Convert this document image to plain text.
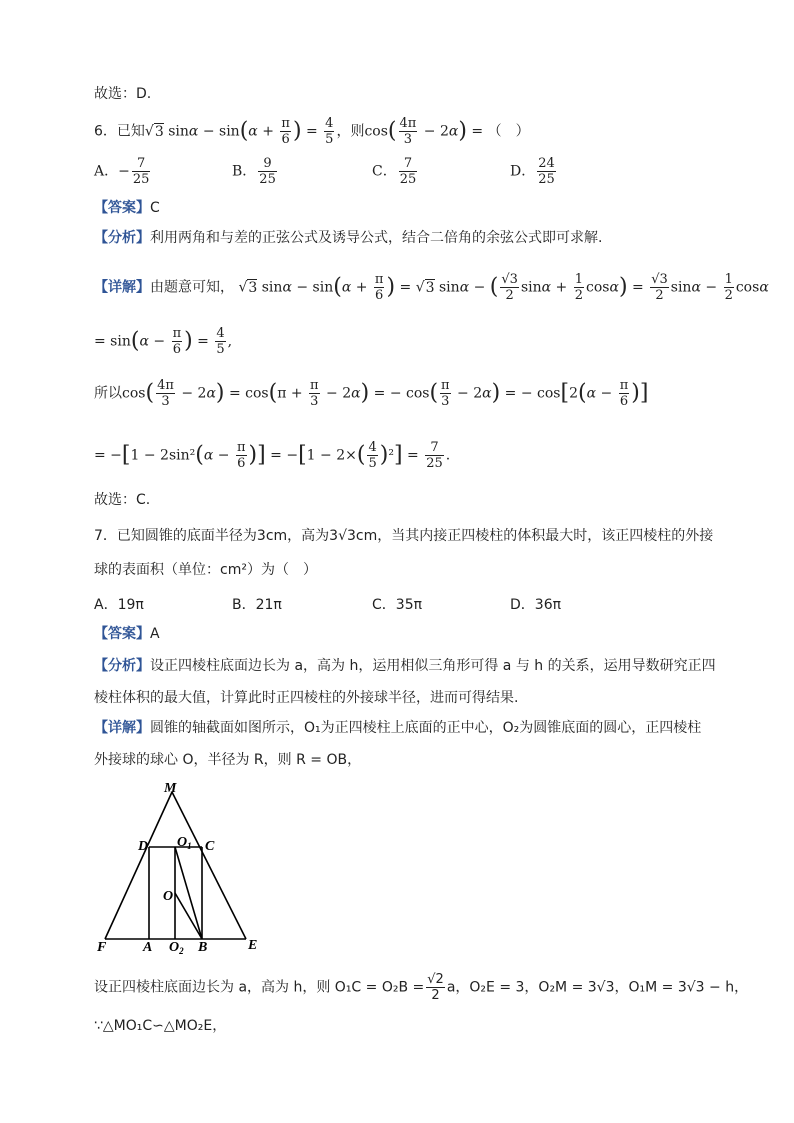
故选：D.
6．已知√3 $\sin\alpha - \sin(\alpha + \frac{\pi}{6}$ ) = $\frac{4}{5}$ ，则$\cos( \frac{4\pi}{3} - 2\alpha)$ = （　）
A．− $\frac{7}{25}$	B． $\frac{9}{25}$	C． $\frac{7}{25}$	D． $\frac{24}{25}$
【答案】C
【分析】利用两角和与差的正弦公式及诱导公式，结合二倍角的余弦公式即可求解.
【详解】由题意可知， √3 $\sin\alpha - \sin(\alpha + \frac{\pi}{6}$ ) = √3 sinα − ( $\frac{√3}{2}$ $\sin\alpha + \frac{1}{2} \cos\alpha) = \frac{√3}{2}$ $\sin\alpha - \frac{1}{2}$ cosα
= $\sin(\alpha - \frac{\pi}{6}$ ) = $\frac{4}{5}$ ,
所以$\cos( \frac{4\pi}{3} - 2\alpha) = \cos(\pi + \frac{\pi}{3} - 2\alpha)$ = − $\cos( \frac{\pi}{3} - 2\alpha)$ = − $\cos[2(\alpha - \frac{\pi}{6}$ )]
= $-[1 - 2\sin^2(\alpha - \frac{\pi}{6}$ )] = $-[1 - 2\times( \frac{4}{5} )^2] = \frac{7}{25}$ .
故选：C.
7．已知圆锥的底面半径为3cm，高为3√3cm，当其内接正四棱柱的体积最大时，该正四棱柱的外接
球的表面积（单位：cm²）为（　）
A．19π	B．21π	C．35π	D．36π
【答案】A
【分析】设正四棱柱底面边长为 a，高为 h，运用相似三角形可得 a 与 h 的关系，运用导数研究正四
棱柱体积的最大值，计算此时正四棱柱的外接球半径，进而可得结果.
【详解】圆锥的轴截面如图所示，O₁为正四棱柱上底面的正中心，O₂为圆锥底面的圆心，正四棱柱
外接球的球心 O，半径为 R，则 R = OB，
M
D $O_1$ C
O
F	A $O_2$ B	E
设正四棱柱底面边长为 a，高为 h，则 $O_1C = O_2B = \frac{√2}{2}$ a，O₂E = 3，O₂M = 3√3，O₁M = 3√3 − h，
∵△MO₁C∽△MO₂E，
